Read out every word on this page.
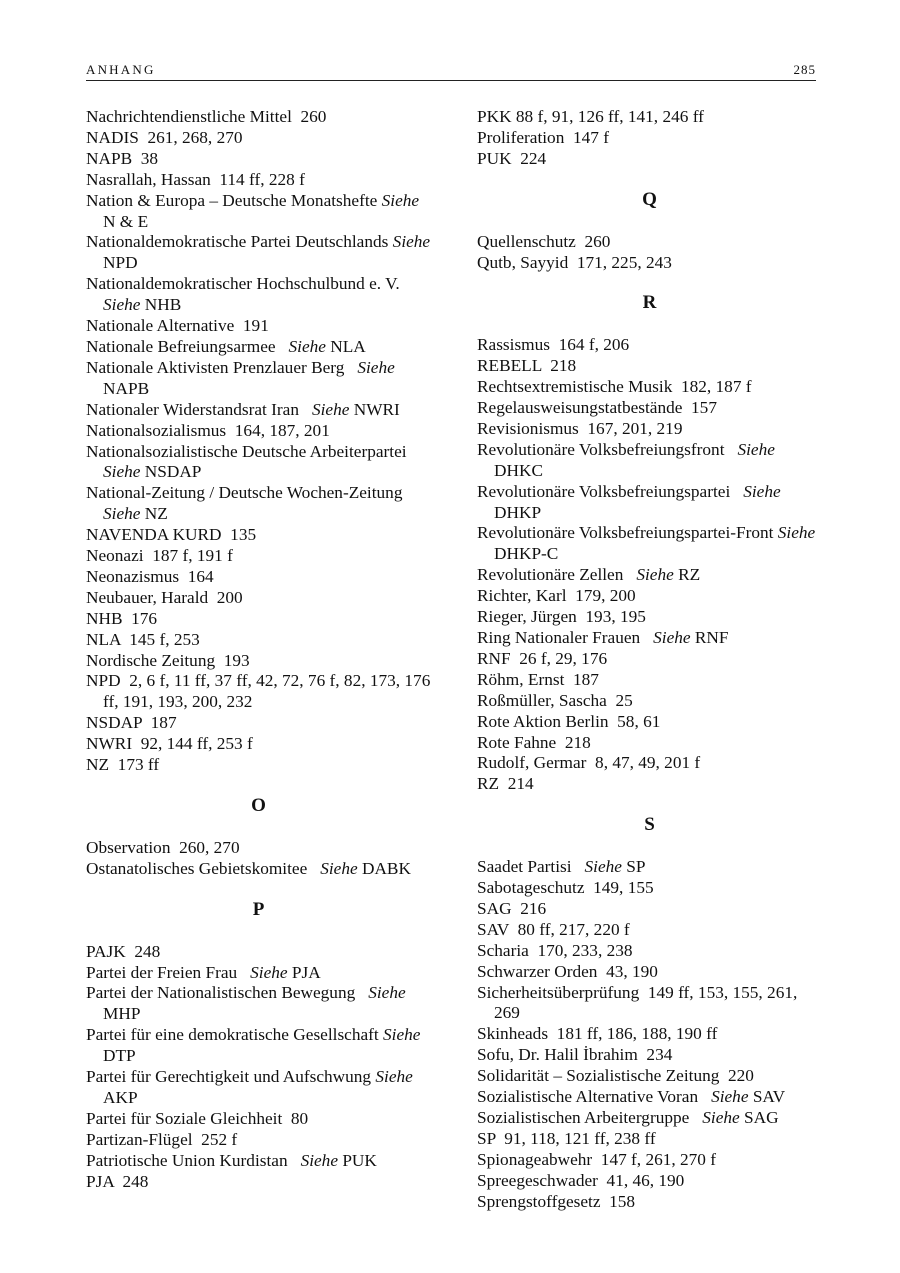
ANHANG	285

Nachrichtendienstliche Mittel  260

NADIS  261, 268, 270

NAPB  38

Nasrallah, Hassan  114 ff, 228 f

Nation & Europa – Deutsche Monatshefte Siehe N & E

Nationaldemokratische Partei Deutschlands Siehe NPD

Nationaldemokratischer Hochschulbund e. V. Siehe NHB

Nationale Alternative  191

Nationale Befreiungsarmee   Siehe NLA

Nationale Aktivisten Prenzlauer Berg   Siehe NAPB

Nationaler Widerstandsrat Iran   Siehe NWRI

Nationalsozialismus  164, 187, 201

Nationalsozialistische Deutsche Arbeiterpartei   Siehe NSDAP

National-Zeitung / Deutsche Wochen-Zeitung Siehe NZ

NAVENDA KURD  135

Neonazi  187 f, 191 f

Neonazismus  164

Neubauer, Harald  200

NHB  176

NLA  145 f, 253

Nordische Zeitung  193

NPD  2, 6 f, 11 ff, 37 ff, 42, 72, 76 f, 82, 173, 176 ff, 191, 193, 200, 232

NSDAP  187

NWRI  92, 144 ff, 253 f

NZ  173 ff

O

Observation  260, 270

Ostanatolisches Gebietskomitee   Siehe DABK

P

PAJK  248

Partei der Freien Frau   Siehe PJA

Partei der Nationalistischen Bewegung   Siehe MHP

Partei für eine demokratische Gesellschaft Siehe DTP

Partei für Gerechtigkeit und Aufschwung Siehe AKP

Partei für Soziale Gleichheit  80

Partizan-Flügel  252 f

Patriotische Union Kurdistan   Siehe PUK

PJA  248

PKK 88 f, 91, 126 ff, 141, 246 ff

Proliferation  147 f

PUK  224

Q

Quellenschutz  260

Qutb, Sayyid  171, 225, 243

R

Rassismus  164 f, 206

REBELL  218

Rechtsextremistische Musik  182, 187 f

Regelausweisungstatbestände  157

Revisionismus  167, 201, 219

Revolutionäre Volksbefreiungsfront   Siehe DHKC

Revolutionäre Volksbefreiungspartei   Siehe DHKP

Revolutionäre Volksbefreiungspartei-Front Siehe DHKP-C

Revolutionäre Zellen   Siehe RZ

Richter, Karl  179, 200

Rieger, Jürgen  193, 195

Ring Nationaler Frauen   Siehe RNF

RNF  26 f, 29, 176

Röhm, Ernst  187

Roßmüller, Sascha  25

Rote Aktion Berlin  58, 61

Rote Fahne  218

Rudolf, Germar  8, 47, 49, 201 f

RZ  214

S

Saadet Partisi   Siehe SP

Sabotageschutz  149, 155

SAG  216

SAV  80 ff, 217, 220 f

Scharia  170, 233, 238

Schwarzer Orden  43, 190

Sicherheitsüberprüfung  149 ff, 153, 155, 261, 269

Skinheads  181 ff, 186, 188, 190 ff

Sofu, Dr. Halil İbrahim  234

Solidarität – Sozialistische Zeitung  220

Sozialistische Alternative Voran   Siehe SAV

Sozialistischen Arbeitergruppe   Siehe SAG

SP  91, 118, 121 ff, 238 ff

Spionageabwehr  147 f, 261, 270 f

Spreegeschwader  41, 46, 190

Sprengstoffgesetz  158
